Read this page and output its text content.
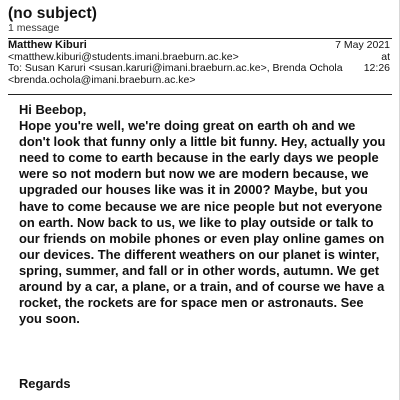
(no subject)
1 message
Matthew Kiburi
<matthew.kiburi@students.imani.braeburn.ac.ke>
To: Susan Karuri <susan.karuri@imani.braeburn.ac.ke>, Brenda Ochola
<brenda.ochola@imani.braeburn.ac.ke>
7 May 2021 at
12:26
Hi Beebop,
Hope you're well, we're doing great on earth oh and we don't look that funny only a little bit funny. Hey, actually you need to come to earth because in the early days we people were so not modern but now we are modern because, we upgraded our houses like was it in 2000? Maybe, but you have to come because we are nice people but not everyone on earth. Now back to us, we like to play outside or talk to our friends on mobile phones or even play online games on our devices. The different weathers on our planet is winter, spring, summer, and fall or in other words, autumn. We get around by a car, a plane, or a train, and of course we have a rocket, the rockets are for space men or astronauts. See you soon.
Regards
